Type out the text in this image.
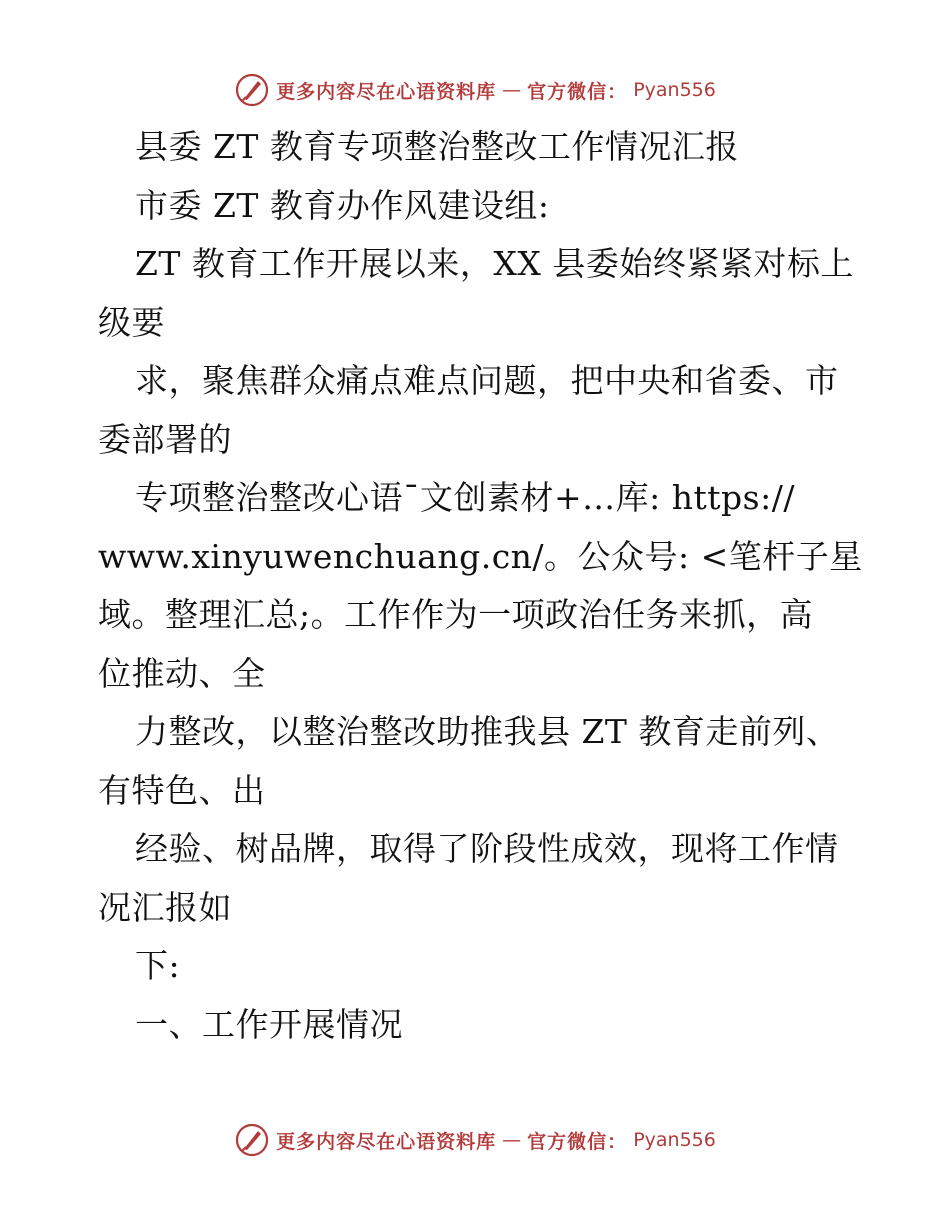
更多内容尽在心语资料库 — 官方微信： Pyan556
县委 ZT 教育专项整治整改工作情况汇报
市委 ZT 教育办作风建设组:
ZT 教育工作开展以来，XX 县委始终紧紧对标上
级要
求，聚焦群众痛点难点问题，把中央和省委、市
委部署的
专项整治整改心语¯文创素材+…库: https://
www.xinyuwenchuang.cn/。公众号: <笔杆子星
域。整理汇总;。工作作为一项政治任务来抓，高
位推动、全
力整改，以整治整改助推我县 ZT 教育走前列、
有特色、出
经验、树品牌，取得了阶段性成效，现将工作情
况汇报如
下:
一、工作开展情况
更多内容尽在心语资料库 — 官方微信： Pyan556
